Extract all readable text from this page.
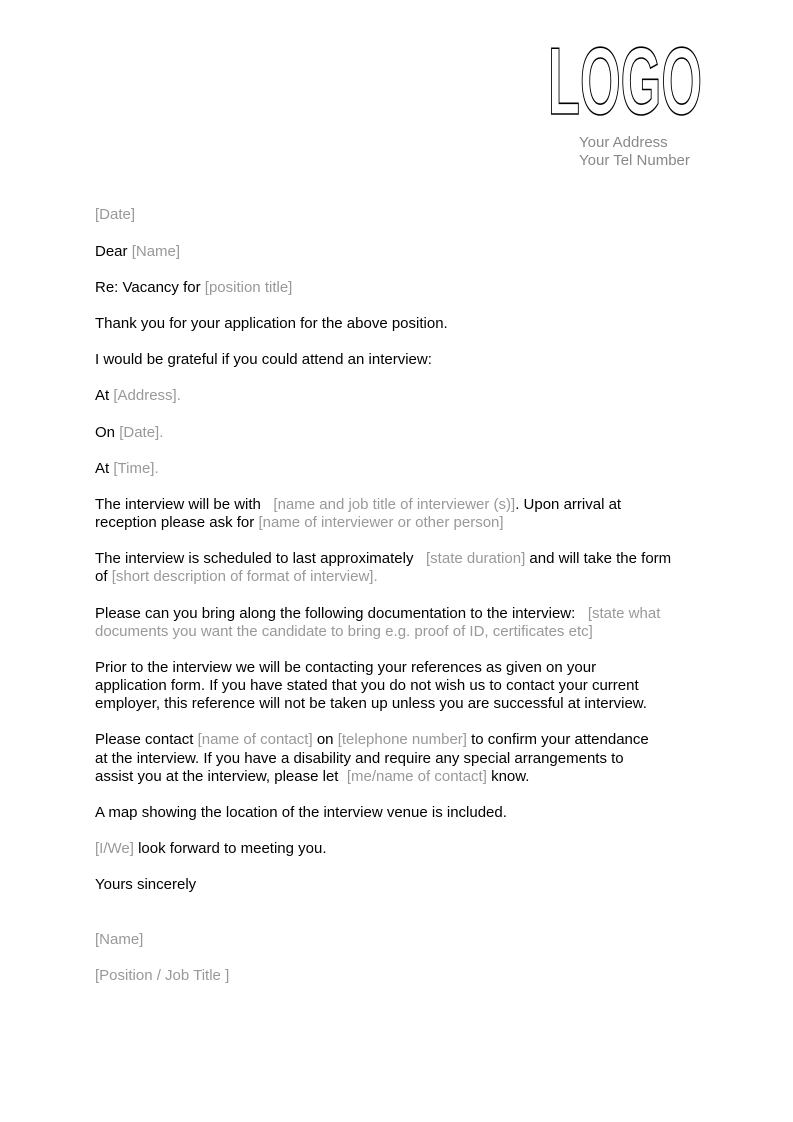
LOGO
Your Address
Your Tel Number
[Date]
Dear [Name]
Re: Vacancy for [position title]
Thank you for your application for the above position.
I would be grateful if you could attend an interview:
At [Address].
On [Date].
At [Time].
The interview will be with [name and job title of interviewer (s)]. Upon arrival at
reception please ask for [name of interviewer or other person]
The interview is scheduled to last approximately [state duration] and will take the form
of [short description of format of interview].
Please can you bring along the following documentation to the interview: [state what
documents you want the candidate to bring e.g. proof of ID, certificates etc]
Prior to the interview we will be contacting your references as given on your
application form. If you have stated that you do not wish us to contact your current
employer, this reference will not be taken up unless you are successful at interview.
Please contact [name of contact] on [telephone number] to confirm your attendance
at the interview. If you have a disability and require any special arrangements to
assist you at the interview, please let [me/name of contact] know.
A map showing the location of the interview venue is included.
[I/We] look forward to meeting you.
Yours sincerely
[Name]
[Position / Job Title ]
